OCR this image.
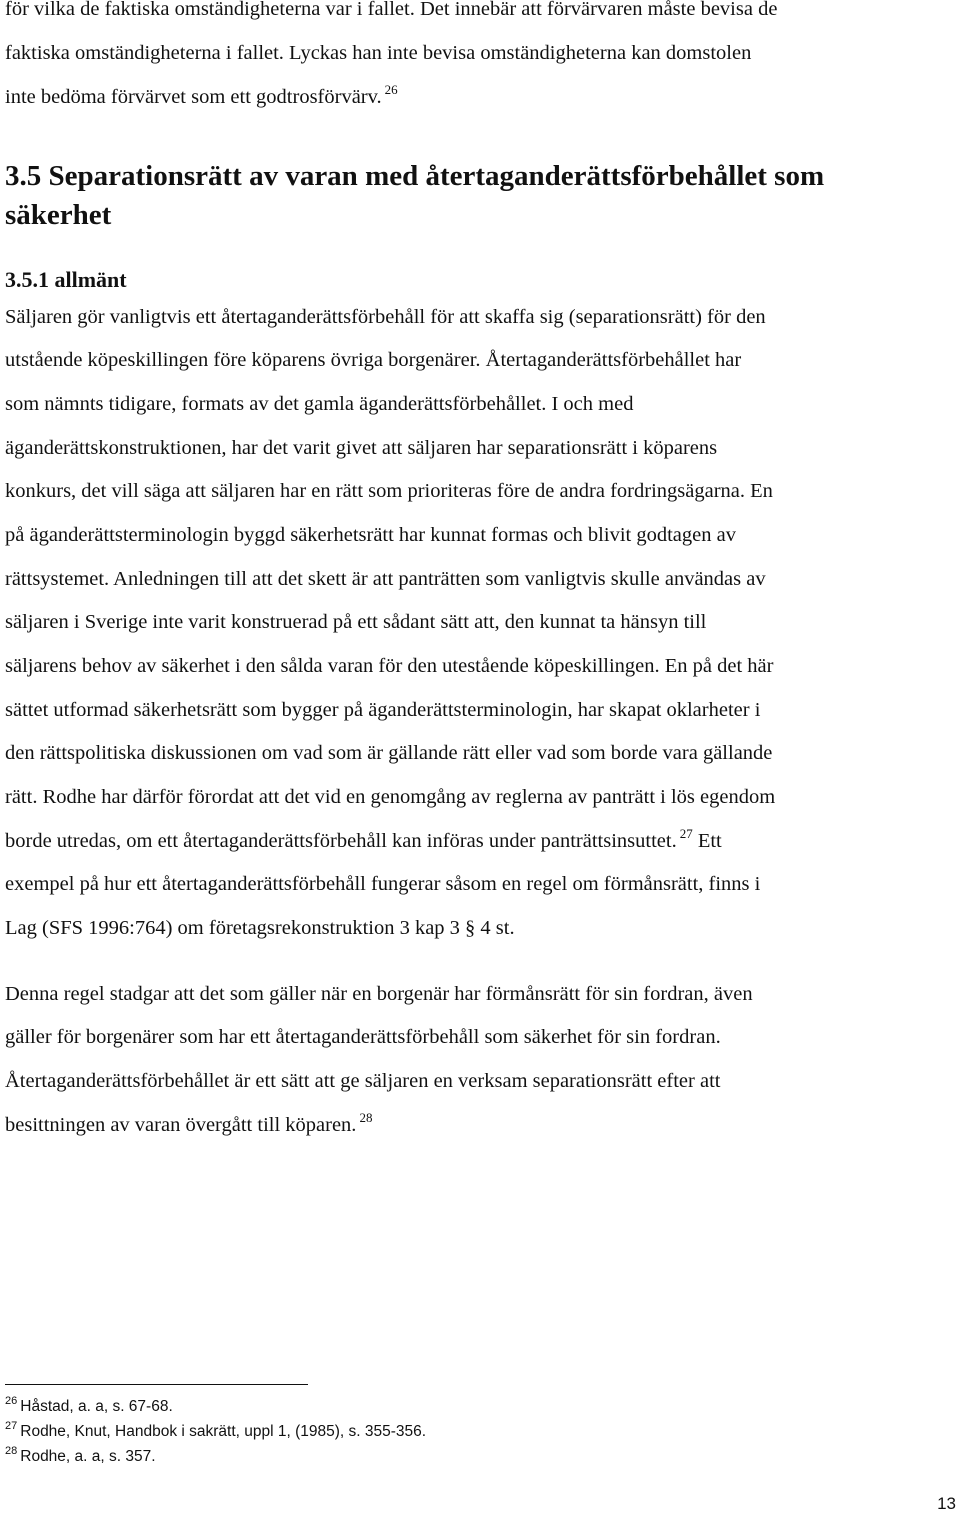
för vilka de faktiska omständigheterna var i fallet. Det innebär att förvärvaren måste bevisa de
faktiska omständigheterna i fallet. Lyckas han inte bevisa omständigheterna kan domstolen
inte bedöma förvärvet som ett godtrosförvärv. $^{26}$
3.5 Separationsrätt av varan med återtaganderättsförbehållet som
säkerhet
3.5.1 allmänt
Säljaren gör vanligtvis ett återtaganderättsförbehåll för att skaffa sig (separationsrätt) för den
utstående köpeskillingen före köparens övriga borgenärer. Återtaganderättsförbehållet har
som nämnts tidigare, formats av det gamla äganderättsförbehållet. I och med
äganderättskonstruktionen, har det varit givet att säljaren har separationsrätt i köparens
konkurs, det vill säga att säljaren har en rätt som prioriteras före de andra fordringsägarna. En
på äganderättsterminologin byggd säkerhetsrätt har kunnat formas och blivit godtagen av
rättsystemet. Anledningen till att det skett är att panträtten som vanligtvis skulle användas av
säljaren i Sverige inte varit konstruerad på ett sådant sätt att, den kunnat ta hänsyn till
säljarens behov av säkerhet i den sålda varan för den utestående köpeskillingen. En på det här
sättet utformad säkerhetsrätt som bygger på äganderättsterminologin, har skapat oklarheter i
den rättspolitiska diskussionen om vad som är gällande rätt eller vad som borde vara gällande
rätt. Rodhe har därför förordat att det vid en genomgång av reglerna av panträtt i lös egendom
borde utredas, om ett återtaganderättsförbehåll kan införas under panträttsinsuttet. $^{27}$ Ett
exempel på hur ett återtaganderättsförbehåll fungerar såsom en regel om förmånsrätt, finns i
Lag (SFS 1996:764) om företagsrekonstruktion 3 kap 3 § 4 st.
Denna regel stadgar att det som gäller när en borgenär har förmånsrätt för sin fordran, även
gäller för borgenärer som har ett återtaganderättsförbehåll som säkerhet för sin fordran.
Återtaganderättsförbehållet är ett sätt att ge säljaren en verksam separationsrätt efter att
besittningen av varan övergått till köparen. $^{28}$
$^{26}$ Håstad, a. a, s. 67-68.
$^{27}$ Rodhe, Knut, Handbok i sakrätt, uppl 1, (1985), s. 355-356.
$^{28}$ Rodhe, a. a, s. 357.
13
